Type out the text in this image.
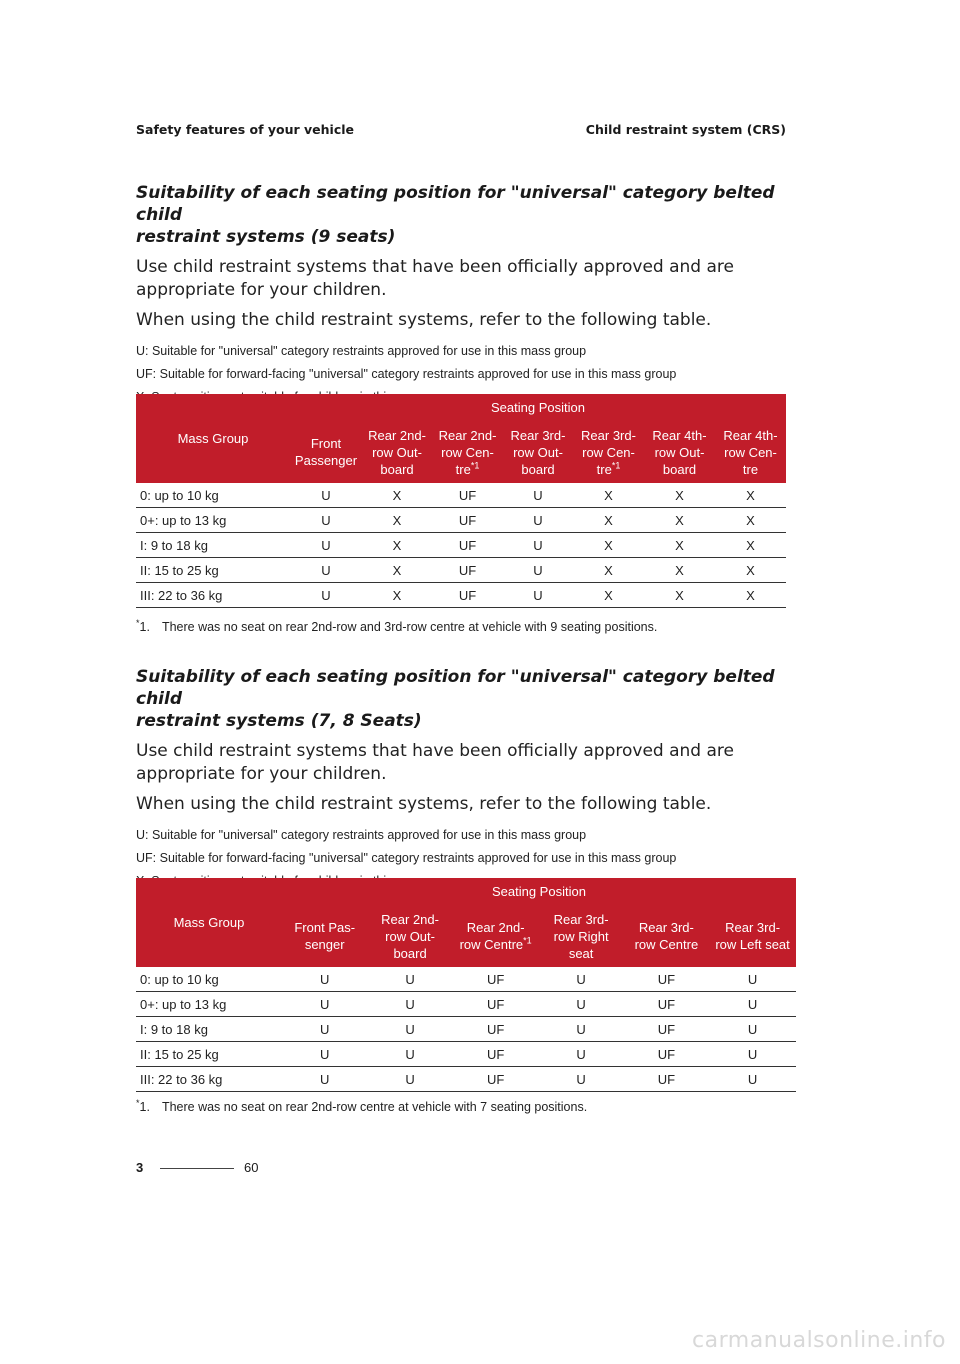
Safety features of your vehicle	Child restraint system (CRS)
Suitability of each seating position for "universal" category belted child
restraint systems (9 seats)

Use child restraint systems that have been officially approved and are
appropriate for your children.

When using the child restraint systems, refer to the following table.

U: Suitable for "universal" category restraints approved for use in this mass group

UF: Suitable for forward-facing "universal" category restraints approved for use in this mass group

Mass Group	Seating Position						
	Front
Passenger	Rear 2nd-
row Out-
board	Rear 2nd-
row Cen-
tre$^{*1}$	Rear 3rd-
row Out-
board	Rear 3rd-
row Cen-
tre$^{*1}$	Rear 4th-
row Out-
board	Rear 4th-
row Cen-
tre
0: up to 10 kg	U	X	UF	U	X	X	X
0+: up to 13 kg	U	X	UF	U	X	X	X
I: 9 to 18 kg	U	X	UF	U	X	X	X
II: 15 to 25 kg	U	X	UF	U	X	X	X
III: 22 to 36 kg	U	X	UF	U	X	X	X
*1. There was no seat on rear 2nd-row and 3rd-row centre at vehicle with 9 seating positions.
Suitability of each seating position for "universal" category belted child
restraint systems (7, 8 Seats)

Use child restraint systems that have been officially approved and are
appropriate for your children.

When using the child restraint systems, refer to the following table.

U: Suitable for "universal" category restraints approved for use in this mass group

UF: Suitable for forward-facing "universal" category restraints approved for use in this mass group

Mass Group	Seating Position					
	Front Pas-
senger	Rear 2nd-
row Out-
board	Rear 2nd-
row Centre$^{*1}$	Rear 3rd-
row Right
seat	Rear 3rd-
row Centre	Rear 3rd-
row Left seat
0: up to 10 kg	U	U	UF	U	UF	U
0+: up to 13 kg	U	U	UF	U	UF	U
I: 9 to 18 kg	U	U	UF	U	UF	U
II: 15 to 25 kg	U	U	UF	U	UF	U
III: 22 to 36 kg	U	U	UF	U	UF	U
*1. There was no seat on rear 2nd-row centre at vehicle with 7 seating positions.
3	60
carmanualsonline.info
